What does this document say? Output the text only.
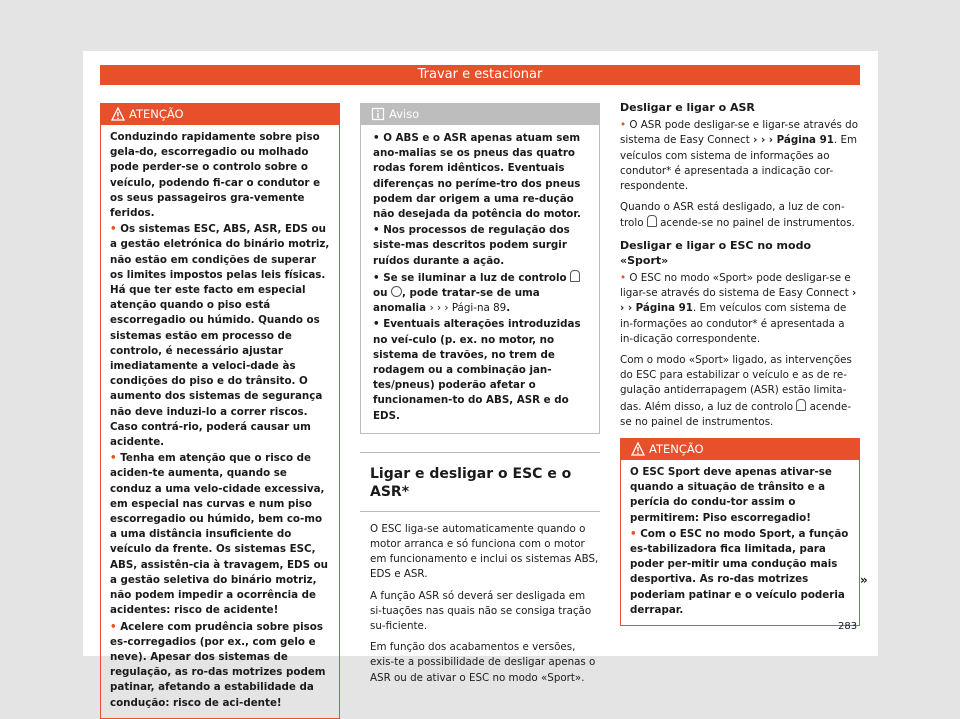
Travar e estacionar
ATENÇÃO

Conduzindo rapidamente sobre piso gela-do, escorregadio ou molhado pode perder-se o controlo sobre o veículo, podendo fi-car o condutor e os seus passageiros gra-vemente feridos.

• Os sistemas ESC, ABS, ASR, EDS ou a gestão eletrónica do binário motriz, não estão em condições de superar os limites impostos pelas leis físicas. Há que ter este facto em especial atenção quando o piso está escorregadio ou húmido. Quando os sistemas estão em processo de controlo, é necessário ajustar imediatamente a veloci-dade às condições do piso e do trânsito. O aumento dos sistemas de segurança não deve induzi-lo a correr riscos. Caso contrá-rio, poderá causar um acidente.

• Tenha em atenção que o risco de aciden-te aumenta, quando se conduz a uma velo-cidade excessiva, em especial nas curvas e num piso escorregadio ou húmido, bem co-mo a uma distância insuficiente do veículo da frente. Os sistemas ESC, ABS, assistên-cia à travagem, EDS ou a gestão seletiva do binário motriz, não podem impedir a ocorrência de acidentes: risco de acidente!

• Acelere com prudência sobre pisos es-corregadios (por ex., com gelo e neve). Apesar dos sistemas de regulação, as ro-das motrizes podem patinar, afetando a estabilidade da condução: risco de aci-dente!

Aviso

• O ABS e o ASR apenas atuam sem ano-malias se os pneus das quatro rodas forem idênticos. Eventuais diferenças no períme-tro dos pneus podem dar origem a uma re-dução não desejada da potência do motor.

• Nos processos de regulação dos siste-mas descritos podem surgir ruídos durante a ação.

• Se se iluminar a luz de controlo  ou , pode tratar-se de uma anomalia › › › Pági-na 89.

• Eventuais alterações introduzidas no veí-culo (p. ex. no motor, no sistema de travões, no trem de rodagem ou a combinação jan-tes/pneus) poderão afetar o funcionamen-to do ABS, ASR e do EDS.

Ligar e desligar o ESC e o ASR*

O ESC liga-se automaticamente quando o motor arranca e só funciona com o motor em funcionamento e inclui os sistemas ABS, EDS e ASR.

A função ASR só deverá ser desligada em si-tuações nas quais não se consiga tração su-ficiente.

Em função dos acabamentos e versões, exis-te a possibilidade de desligar apenas o ASR ou de ativar o ESC no modo «Sport».

Desligar e ligar o ASR

• O ASR pode desligar-se e ligar-se através do sistema de Easy Connect › › › Página 91. Em veículos com sistema de informações ao condutor* é apresentada a indicação cor-respondente.

Quando o ASR está desligado, a luz de con-trolo acende-se no painel de instrumentos.

Desligar e ligar o ESC no modo «Sport»

• O ESC no modo «Sport» pode desligar-se e ligar-se através do sistema de Easy Connect › › › Página 91. Em veículos com sistema de in-formações ao condutor* é apresentada a in-dicação correspondente.

Com o modo «Sport» ligado, as intervenções do ESC para estabilizar o veículo e as de re-gulação antiderrapagem (ASR) estão limita-das. Além disso, a luz de controlo acende-se no painel de instrumentos.

ATENÇÃO

O ESC Sport deve apenas ativar-se quando a situação de trânsito e a perícia do condu-tor assim o permitirem: Piso escorregadio!

• Com o ESC no modo Sport, a função es-tabilizadora fica limitada, para poder per-mitir uma condução mais desportiva. As ro-das motrizes poderiam patinar e o veículo poderia derrapar.

»
283
